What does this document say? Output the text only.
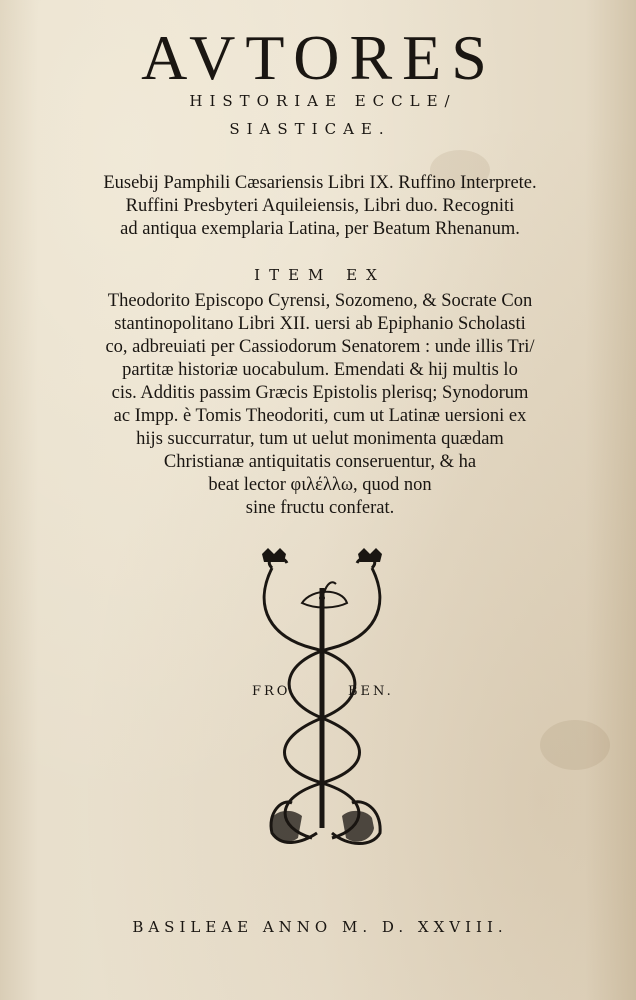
AVTORES
HISTORIAE ECCLE/
SIASTICAE.
Eusebij Pamphili Cæsariensis Libri IX. Ruffino Interprete.
Ruffini Presbyteri Aquileiensis, Libri duo. Recogniti
ad antiqua exemplaria Latina, per Beatum Rhenanum.
ITEM EX
Theodorito Episcopo Cyrensi, Sozomeno, & Socrate Con
stantinopolitano Libri XII. uersi ab Epiphanio Scholasti
co, adbreuiati per Cassiodorum Senatorem : unde illis Tri/
partitæ historiæ uocabulum. Emendati & hij multis lo
cis. Additis passim Græcis Epistolis plerisq; Synodorum
ac Impp. è Tomis Theodoriti, cum ut Latinæ uersioni ex
hijs succurratur, tum ut uelut monimenta quædam
Christianæ antiquitatis conseruentur, & ha
beat lector φιλέλλω, quod non
sine fructu conferat.
FRO	BEN.
BASILEAE ANNO M. D. XXVIII.
